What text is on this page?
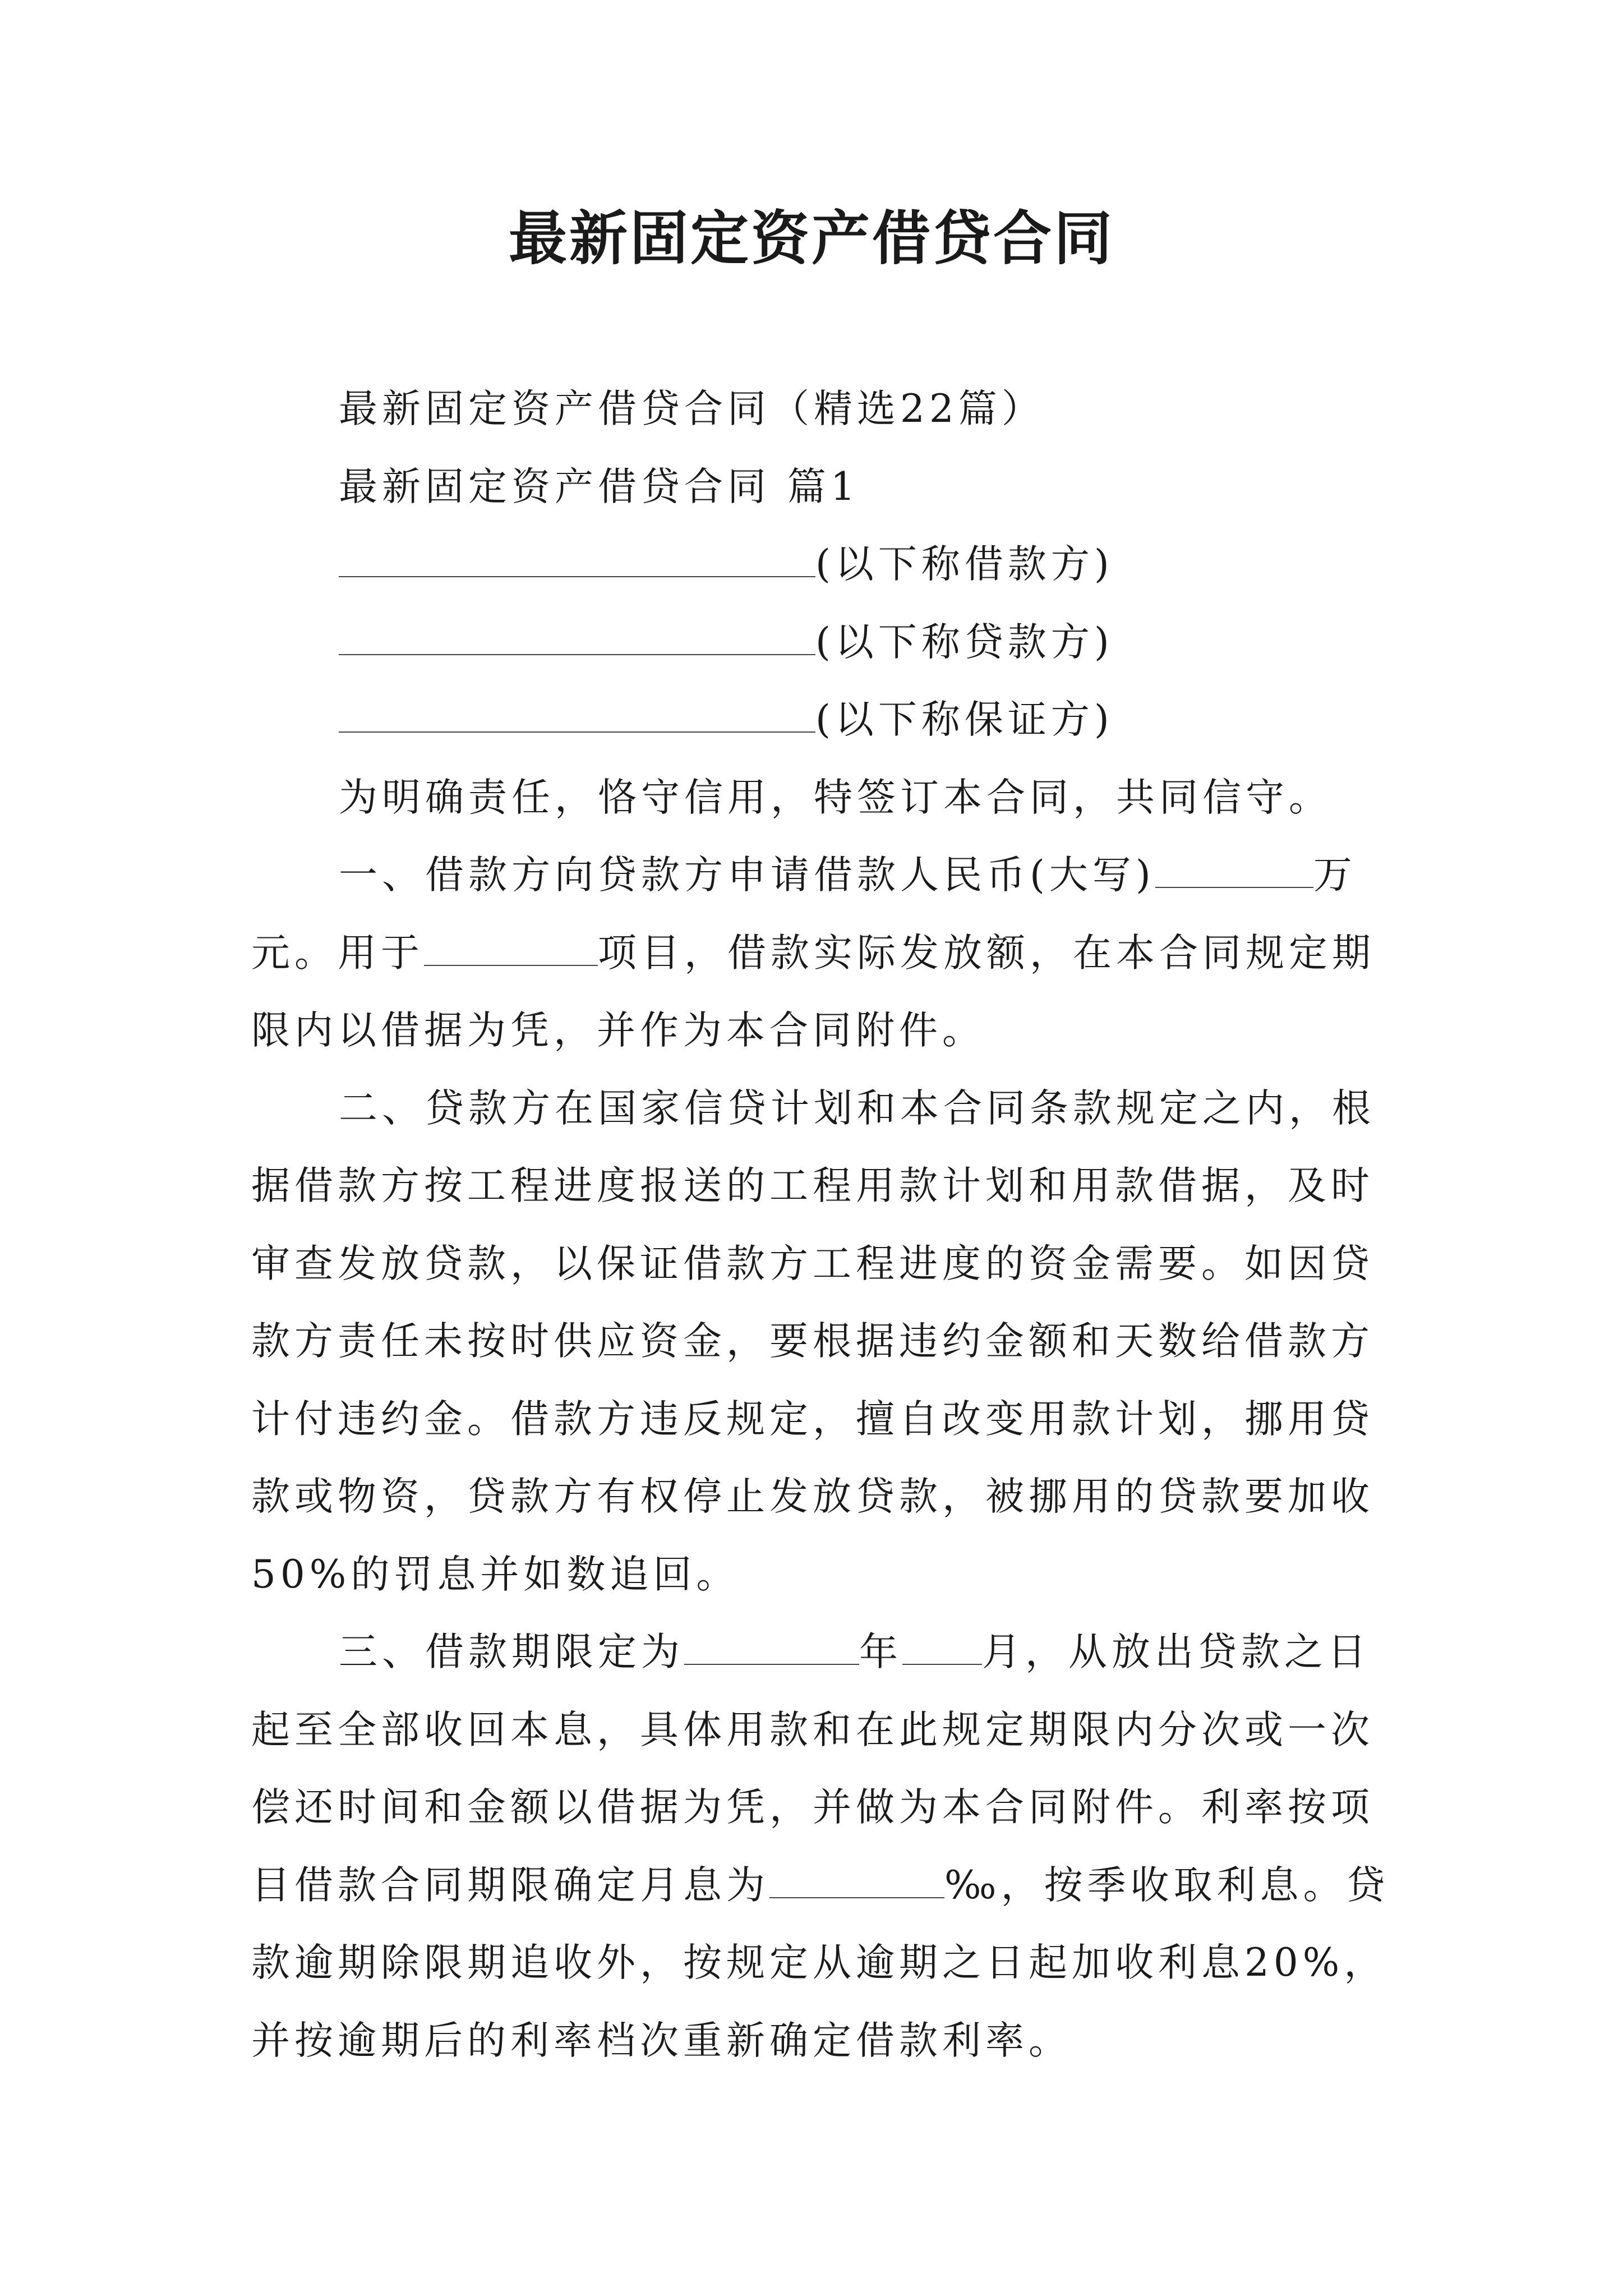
最新固定资产借贷合同
最新固定资产借贷合同（精选22篇）
最新固定资产借贷合同 篇1
(以下称借款方)
(以下称贷款方)
(以下称保证方)
为明确责任，恪守信用，特签订本合同，共同信守。
一、借款方向贷款方申请借款人民币(大写)	万
元。用于	项目，借款实际发放额，在本合同规定期
限内以借据为凭，并作为本合同附件。
二、贷款方在国家信贷计划和本合同条款规定之内，根
据借款方按工程进度报送的工程用款计划和用款借据，及时
审查发放贷款，以保证借款方工程进度的资金需要。如因贷
款方责任未按时供应资金，要根据违约金额和天数给借款方
计付违约金。借款方违反规定，擅自改变用款计划，挪用贷
款或物资，贷款方有权停止发放贷款，被挪用的贷款要加收
50%的罚息并如数追回。
三、借款期限定为	年 月，从放出贷款之日
起至全部收回本息，具体用款和在此规定期限内分次或一次
偿还时间和金额以借据为凭，并做为本合同附件。利率按项
目借款合同期限确定月息为	‰，按季收取利息。贷
款逾期除限期追收外，按规定从逾期之日起加收利息20%，
并按逾期后的利率档次重新确定借款利率。
